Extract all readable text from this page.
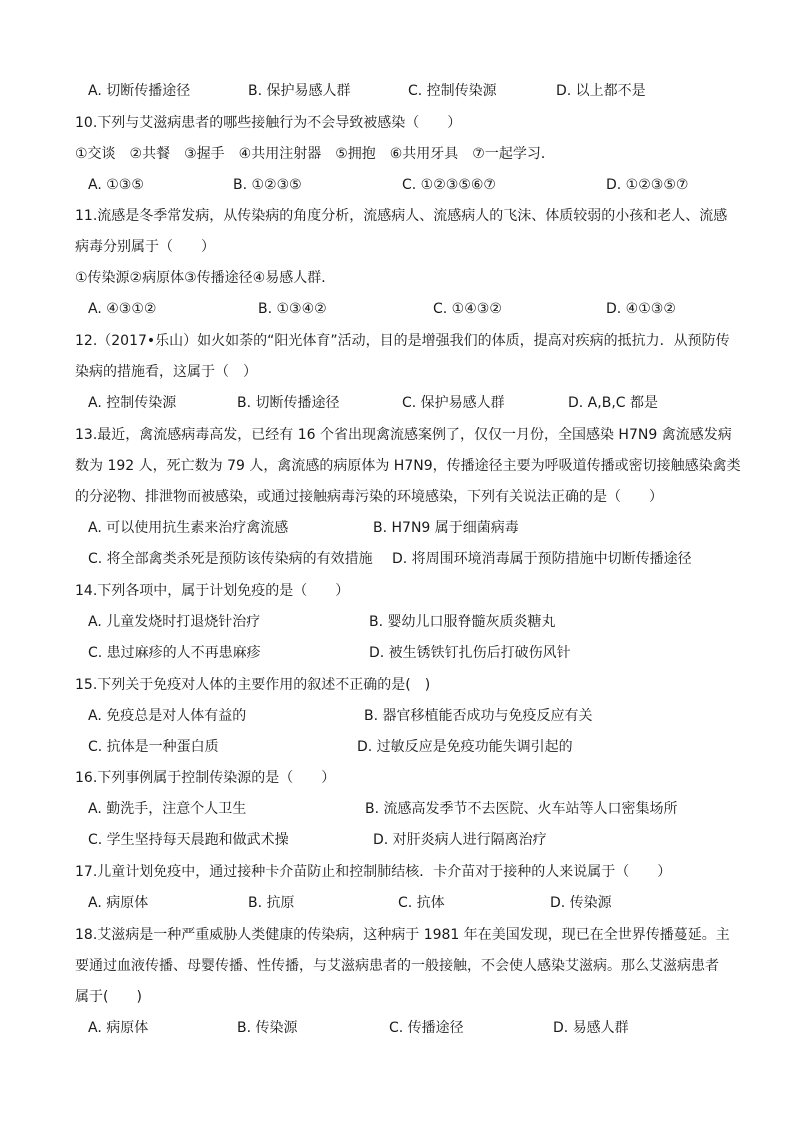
A. 切断传播途径	B. 保护易感人群	C. 控制传染源	D. 以上都不是
10.下列与艾滋病患者的哪些接触行为不会导致被感染（　　）
①交谈　②共餐　③握手　④共用注射器　⑤拥抱　⑥共用牙具　⑦一起学习．
A. ①③⑤	B. ①②③⑤	C. ①②③⑤⑥⑦	D. ①②③⑤⑦
11.流感是冬季常发病，从传染病的角度分析，流感病人、流感病人的飞沫、体质较弱的小孩和老人、流感
病毒分别属于（　　）
①传染源②病原体③传播途径④易感人群．
A. ④③①②	B. ①③④②	C. ①④③②	D. ④①③②
12.（2017•乐山）如火如荼的“阳光体育”活动，目的是增强我们的体质，提高对疾病的抵抗力．从预防传
染病的措施看，这属于（　）
A. 控制传染源	B. 切断传播途径	C. 保护易感人群	D. A,B,C 都是
13.最近，禽流感病毒高发，已经有 16 个省出现禽流感案例了，仅仅一月份，全国感染 H7N9 禽流感发病
数为 192 人，死亡数为 79 人，禽流感的病原体为 H7N9，传播途径主要为呼吸道传播或密切接触感染禽类
的分泌物、排泄物而被感染，或通过接触病毒污染的环境感染，下列有关说法正确的是（　　）
A. 可以使用抗生素来治疗禽流感	B. H7N9 属于细菌病毒
C. 将全部禽类杀死是预防该传染病的有效措施 D. 将周围环境消毒属于预防措施中切断传播途径
14.下列各项中，属于计划免疫的是（　　）
A. 儿童发烧时打退烧针治疗	B. 婴幼儿口服脊髓灰质炎糖丸
C. 患过麻疹的人不再患麻疹	D. 被生锈铁钉扎伤后打破伤风针
15.下列关于免疫对人体的主要作用的叙述不正确的是(　)
A. 免疫总是对人体有益的	B. 器官移植能否成功与免疫反应有关
C. 抗体是一种蛋白质	D. 过敏反应是免疫功能失调引起的
16.下列事例属于控制传染源的是（　　）
A. 勤洗手，注意个人卫生	B. 流感高发季节不去医院、火车站等人口密集场所
C. 学生坚持每天晨跑和做武术操	D. 对肝炎病人进行隔离治疗
17.儿童计划免疫中，通过接种卡介苗防止和控制肺结核．卡介苗对于接种的人来说属于（　　）
A. 病原体	B. 抗原	C. 抗体	D. 传染源
18.艾滋病是一种严重威胁人类健康的传染病，这种病于 1981 年在美国发现，现已在全世界传播蔓延。主
要通过血液传播、母婴传播、性传播，与艾滋病患者的一般接触，不会使人感染艾滋病。那么艾滋病患者
属于(　　)
A. 病原体	B. 传染源	C. 传播途径	D. 易感人群
